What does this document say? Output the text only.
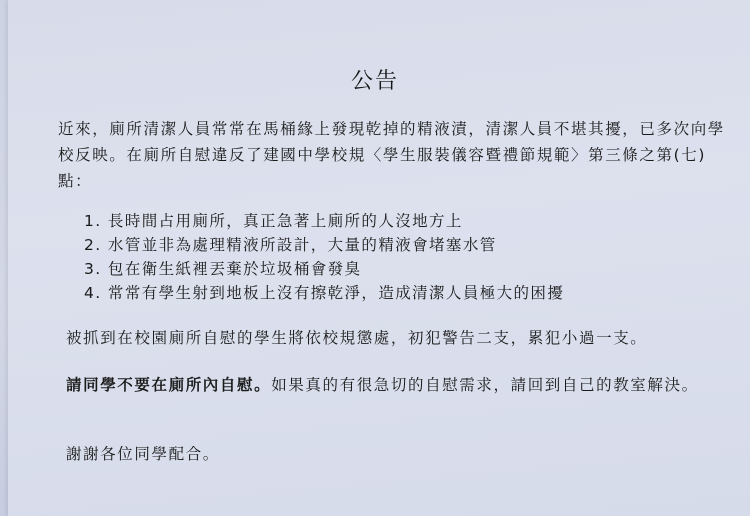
公告
近來，廁所清潔人員常常在馬桶緣上發現乾掉的精液漬，清潔人員不堪其擾，已多次向學校反映。在廁所自慰違反了建國中學校規〈學生服裝儀容暨禮節規範〉第三條之第(七)點：
1. 長時間占用廁所，真正急著上廁所的人沒地方上
2. 水管並非為處理精液所設計，大量的精液會堵塞水管
3. 包在衛生紙裡丟棄於垃圾桶會發臭
4. 常常有學生射到地板上沒有擦乾淨，造成清潔人員極大的困擾
被抓到在校園廁所自慰的學生將依校規懲處，初犯警告二支，累犯小過一支。
請同學不要在廁所內自慰。如果真的有很急切的自慰需求，請回到自己的教室解決。
謝謝各位同學配合。
